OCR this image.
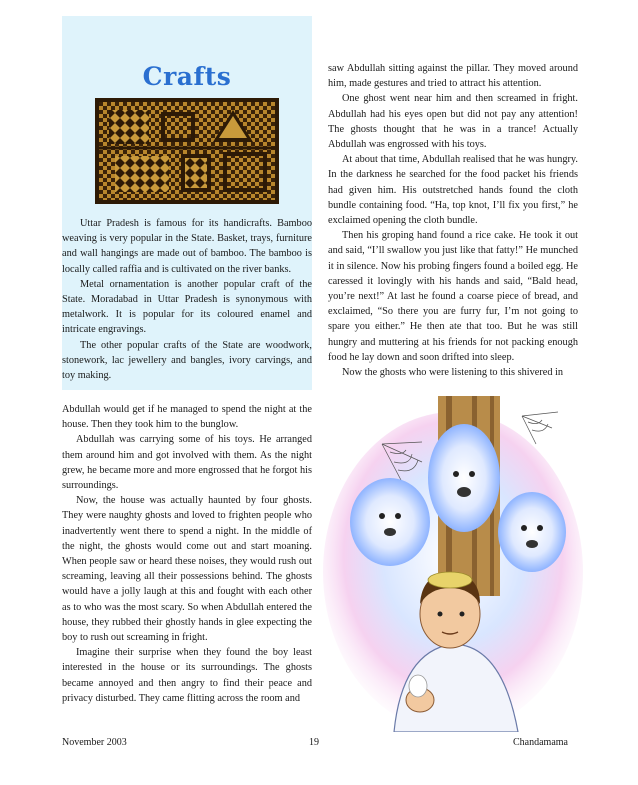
Crafts

Uttar Pradesh is famous for its handicrafts. Bamboo weaving is very popular in the State. Basket, trays, furniture and wall hangings are made out of bamboo. The bamboo is locally called raffia and is cultivated on the river banks.

Metal ornamentation is another popular craft of the State. Moradabad in Uttar Pradesh is synonymous with metalwork. It is popular for its coloured enamel and intricate engravings.

The other popular crafts of the State are woodwork, stonework, lac jewellery and bangles, ivory carvings, and toy making.

Abdullah would get if he managed to spend the night at the house. Then they took him to the bunglow.

Abdullah was carrying some of his toys. He arranged them around him and got involved with them. As the night grew, he became more and more engrossed that he forgot his surroundings.

Now, the house was actually haunted by four ghosts. They were naughty ghosts and loved to frighten people who inadvertently went there to spend a night. In the middle of the night, the ghosts would come out and start moaning. When people saw or heard these noises, they would rush out screaming, leaving all their possessions behind. The ghosts would have a jolly laugh at this and fought with each other as to who was the most scary. So when Abdullah entered the house, they rubbed their ghostly hands in glee expecting the boy to rush out screaming in fright.

Imagine their surprise when they found the boy least interested in the house or its surroundings. The ghosts became annoyed and then angry to find their peace and privacy disturbed. They came flitting across the room and

saw Abdullah sitting against the pillar. They moved around him, made gestures and tried to attract his attention.

One ghost went near him and then screamed in fright. Abdullah had his eyes open but did not pay any attention! The ghosts thought that he was in a trance! Actually Abdullah was engrossed with his toys.

At about that time, Abdullah realised that he was hungry. In the darkness he searched for the food packet his friends had given him. His outstretched hands found the cloth bundle containing food. “Ha, top knot, I’ll fix you first,” he exclaimed opening the cloth bundle.

Then his groping hand found a rice cake. He took it out and said, “I’ll swallow you just like that fatty!” He munched it in silence. Now his probing fingers found a boiled egg. He caressed it lovingly with his hands and said, “Bald head, you’re next!” At last he found a coarse piece of bread, and exclaimed, “So there you are furry fur, I’m not going to spare you either.” He then ate that too. But he was still hungry and muttering at his friends for not packing enough food he lay down and soon drifted into sleep.

Now the ghosts who were listening to this shivered in

November 2003	19	Chandamama
